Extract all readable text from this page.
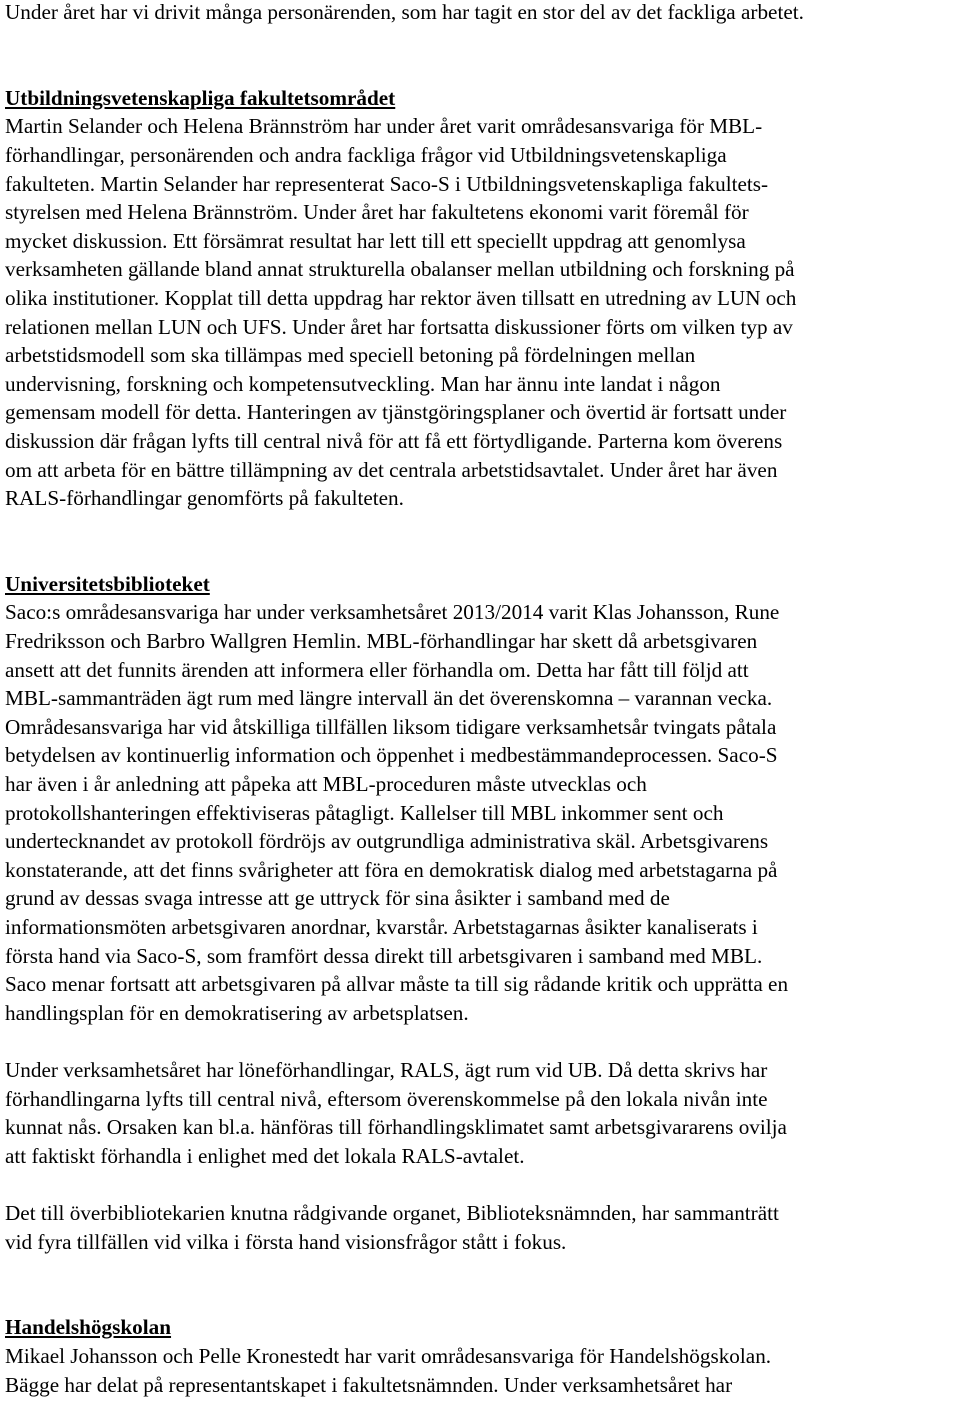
Under året har vi drivit många personärenden, som har tagit en stor del av det fackliga arbetet.

Utbildningsvetenskapliga fakultetsområdet

Martin Selander och Helena Brännström har under året varit områdesansvariga för MBL-
förhandlingar, personärenden och andra fackliga frågor vid Utbildningsvetenskapliga
fakulteten. Martin Selander har representerat Saco-S i Utbildningsvetenskapliga fakultets-
styrelsen med Helena Brännström. Under året har fakultetens ekonomi varit föremål för
mycket diskussion. Ett försämrat resultat har lett till ett speciellt uppdrag att genomlysa
verksamheten gällande bland annat strukturella obalanser mellan utbildning och forskning på
olika institutioner. Kopplat till detta uppdrag har rektor även tillsatt en utredning av LUN och
relationen mellan LUN och UFS. Under året har fortsatta diskussioner förts om vilken typ av
arbetstidsmodell som ska tillämpas med speciell betoning på fördelningen mellan
undervisning, forskning och kompetensutveckling. Man har ännu inte landat i någon
gemensam modell för detta. Hanteringen av tjänstgöringsplaner och övertid är fortsatt under
diskussion där frågan lyfts till central nivå för att få ett förtydligande. Parterna kom överens
om att arbeta för en bättre tillämpning av det centrala arbetstidsavtalet. Under året har även
RALS-förhandlingar genomförts på fakulteten.

Universitetsbiblioteket

Saco:s områdesansvariga har under verksamhetsåret 2013/2014 varit Klas Johansson, Rune
Fredriksson och Barbro Wallgren Hemlin. MBL-förhandlingar har skett då arbetsgivaren
ansett att det funnits ärenden att informera eller förhandla om. Detta har fått till följd att
MBL-sammanträden ägt rum med längre intervall än det överenskomna – varannan vecka.
Områdesansvariga har vid åtskilliga tillfällen liksom tidigare verksamhetsår tvingats påtala
betydelsen av kontinuerlig information och öppenhet i medbestämmandeprocessen. Saco-S
har även i år anledning att påpeka att MBL-proceduren måste utvecklas och
protokollshanteringen effektiviseras påtagligt. Kallelser till MBL inkommer sent och
undertecknandet av protokoll fördröjs av outgrundliga administrativa skäl. Arbetsgivarens
konstaterande, att det finns svårigheter att föra en demokratisk dialog med arbetstagarna på
grund av dessas svaga intresse att ge uttryck för sina åsikter i samband med de
informationsmöten arbetsgivaren anordnar, kvarstår. Arbetstagarnas åsikter kanaliserats i
första hand via Saco-S, som framfört dessa direkt till arbetsgivaren i samband med MBL.
Saco menar fortsatt att arbetsgivaren på allvar måste ta till sig rådande kritik och upprätta en
handlingsplan för en demokratisering av arbetsplatsen.

Under verksamhetsåret har löneförhandlingar, RALS, ägt rum vid UB. Då detta skrivs har
förhandlingarna lyfts till central nivå, eftersom överenskommelse på den lokala nivån inte
kunnat nås. Orsaken kan bl.a. hänföras till förhandlingsklimatet samt arbetsgivararens ovilja
att faktiskt förhandla i enlighet med det lokala RALS-avtalet.

Det till överbibliotekarien knutna rådgivande organet, Biblioteksnämnden, har sammanträtt
vid fyra tillfällen vid vilka i första hand visionsfrågor stått i fokus.

Handelshögskolan

Mikael Johansson och Pelle Kronestedt har varit områdesansvariga för Handelshögskolan.
Bägge har delat på representantskapet i fakultetsnämnden. Under verksamhetsåret har
